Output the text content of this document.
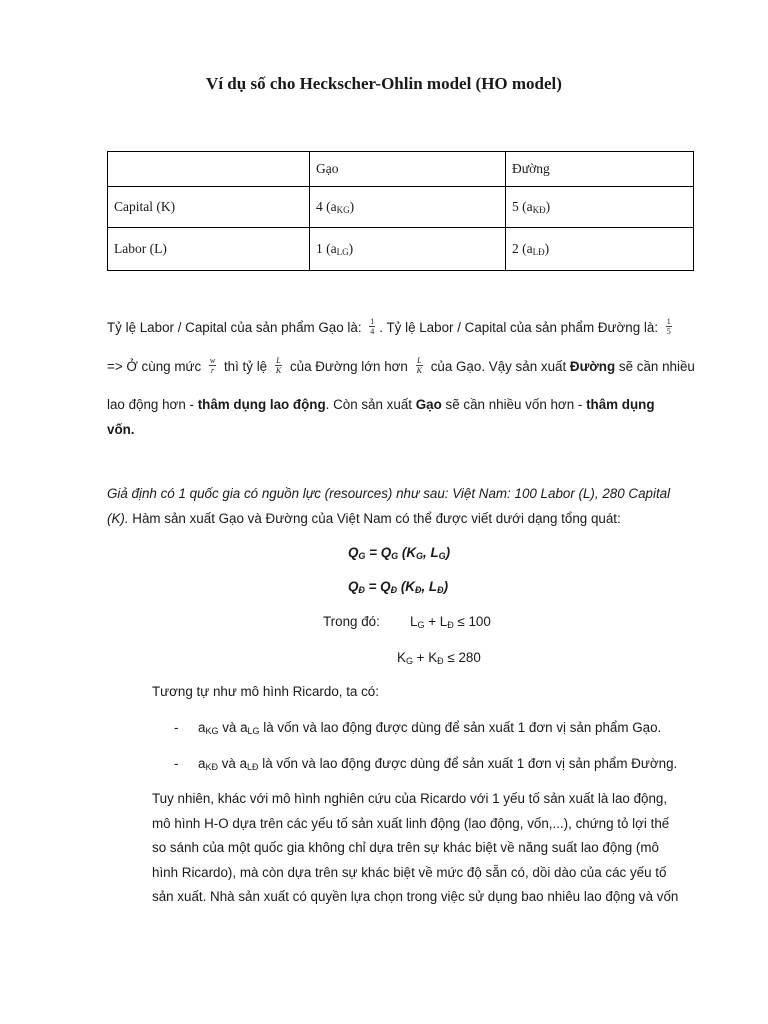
Ví dụ số cho Heckscher-Ohlin model (HO model)
	Gạo	Đường
Capital (K)	4 $(a_{KG})$	5 $(a_{KĐ})$
Labor (L)	1 $(a_{LG})$	2 $(a_{LĐ})$
Tỷ lệ Labor / Capital của sản phẩm Gạo là: $\frac{1}{4}$ . Tỷ lệ Labor / Capital của sản phẩm Đường là: $\frac{1}{5}$
=> Ở cùng mức $\frac{w}{r}$ thì tỷ lệ $\frac{L}{K}$ của Đường lớn hơn $\frac{L}{K}$ của Gạo. Vậy sản xuất Đường sẽ cần nhiều
lao động hơn - thâm dụng lao động. Còn sản xuất Gạo sẽ cần nhiều vốn hơn - thâm dụng
vốn.
Giả định có 1 quốc gia có nguồn lực (resources) như sau: Việt Nam: 100 Labor (L), 280 Capital
(K). Hàm sản xuất Gạo và Đường của Việt Nam có thể được viết dưới dạng tổng quát:
$Q_G = Q_G$ ($K_G$, $L_G$)
$Q_Đ = Q_Đ$ ($K_Đ$, $L_Đ$)
Trong đó: $L_G + L_Đ \le 100$
$K_G + K_Đ \le 280$
Tương tự như mô hình Ricardo, ta có:
- $a_{KG}$ và $a_{LG}$ là vốn và lao động được dùng để sản xuất 1 đơn vị sản phẩm Gạo.
- $a_{KĐ}$ và $a_{LĐ}$ là vốn và lao động được dùng để sản xuất 1 đơn vị sản phẩm Đường.
Tuy nhiên, khác với mô hình nghiên cứu của Ricardo với 1 yếu tố sản xuất là lao động,
mô hình H-O dựa trên các yếu tố sản xuất linh động (lao động, vốn,...), chứng tỏ lợi thế
so sánh của một quốc gia không chỉ dựa trên sự khác biệt về năng suất lao động (mô
hình Ricardo), mà còn dựa trên sự khác biệt về mức độ sẵn có, dồi dào của các yếu tố
sản xuất. Nhà sản xuất có quyền lựa chọn trong việc sử dụng bao nhiêu lao động và vốn
